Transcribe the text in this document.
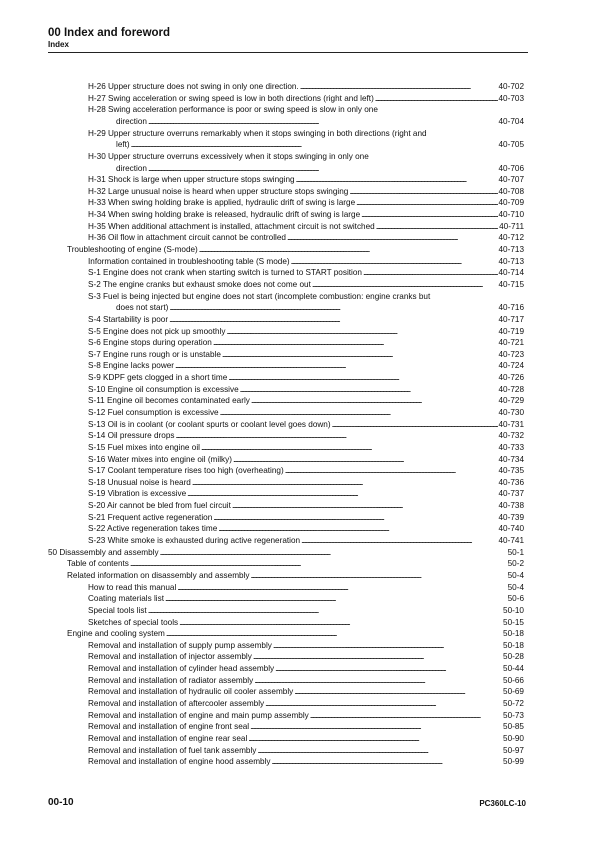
00 Index and foreword
Index
H-26 Upper structure does not swing in only one direction. . . .	40-702
H-27 Swing acceleration or swing speed is low in both directions (right and left) . . .	40-703
H-28 Swing acceleration performance is poor or swing speed is slow in only one
direction . . .	40-704
H-29 Upper structure overruns remarkably when it stops swinging in both directions (right and
left) . . .	40-705
H-30 Upper structure overruns excessively when it stops swinging in only one
direction . . .	40-706
H-31 Shock is large when upper structure stops swinging . . .	40-707
H-32 Large unusual noise is heard when upper structure stops swinging . . .	40-708
H-33 When swing holding brake is applied, hydraulic drift of swing is large . . .	40-709
H-34 When swing holding brake is released, hydraulic drift of swing is large . . .	40-710
H-35 When additional attachment is installed, attachment circuit is not switched . . .	40-711
H-36 Oil flow in attachment circuit cannot be controlled . . .	40-712
Troubleshooting of engine (S-mode) . . .	40-713
Information contained in troubleshooting table (S mode) . . .	40-713
S-1 Engine does not crank when starting switch is turned to START position . . .	40-714
S-2 The engine cranks but exhaust smoke does not come out . . .	40-715
S-3 Fuel is being injected but engine does not start (incomplete combustion: engine cranks but
does not start) . . .	40-716
S-4 Startability is poor . . .	40-717
S-5 Engine does not pick up smoothly . . .	40-719
S-6 Engine stops during operation . . .	40-721
S-7 Engine runs rough or is unstable . . .	40-723
S-8 Engine lacks power . . .	40-724
S-9 KDPF gets clogged in a short time . . .	40-726
S-10 Engine oil consumption is excessive . . .	40-728
S-11 Engine oil becomes contaminated early . . .	40-729
S-12 Fuel consumption is excessive . . .	40-730
S-13 Oil is in coolant (or coolant spurts or coolant level goes down) . . .	40-731
S-14 Oil pressure drops . . .	40-732
S-15 Fuel mixes into engine oil . . .	40-733
S-16 Water mixes into engine oil (milky) . . .	40-734
S-17 Coolant temperature rises too high (overheating) . . .	40-735
S-18 Unusual noise is heard . . .	40-736
S-19 Vibration is excessive . . .	40-737
S-20 Air cannot be bled from fuel circuit . . .	40-738
S-21 Frequent active regeneration . . .	40-739
S-22 Active regeneration takes time . . .	40-740
S-23 White smoke is exhausted during active regeneration . . .	40-741
50 Disassembly and assembly . . .	50-1
Table of contents . . .	50-2
Related information on disassembly and assembly . . .	50-4
How to read this manual . . .	50-4
Coating materials list . . .	50-6
Special tools list . . .	50-10
Sketches of special tools . . .	50-15
Engine and cooling system . . .	50-18
Removal and installation of supply pump assembly . . .	50-18
Removal and installation of injector assembly . . .	50-28
Removal and installation of cylinder head assembly . . .	50-44
Removal and installation of radiator assembly . . .	50-66
Removal and installation of hydraulic oil cooler assembly . . .	50-69
Removal and installation of aftercooler assembly . . .	50-72
Removal and installation of engine and main pump assembly . . .	50-73
Removal and installation of engine front seal . . .	50-85
Removal and installation of engine rear seal . . .	50-90
Removal and installation of fuel tank assembly . . .	50-97
Removal and installation of engine hood assembly . . .	50-99
00-10	PC360LC-10
